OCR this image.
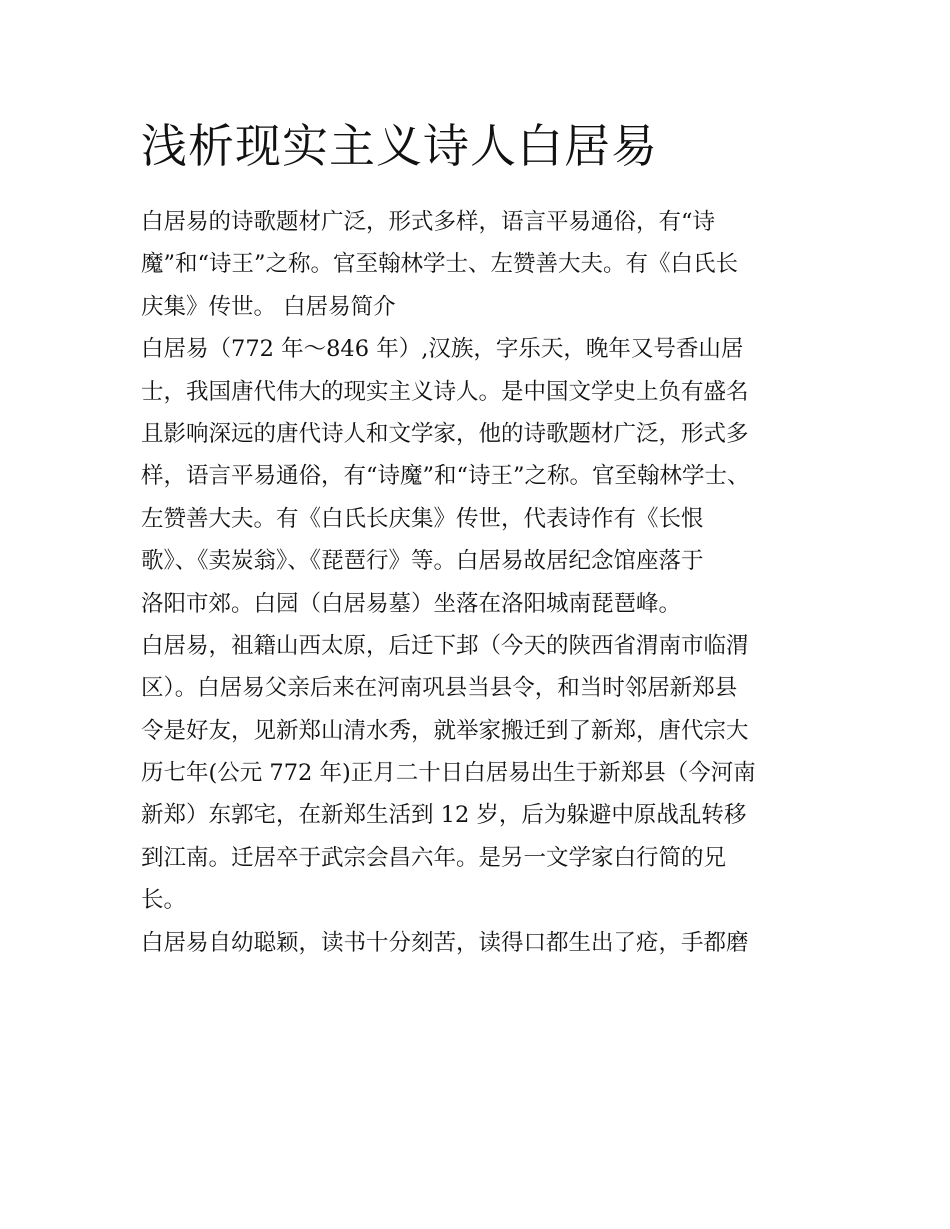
浅析现实主义诗人白居易
白居易的诗歌题材广泛，形式多样，语言平易通俗，有“诗
魔”和“诗王”之称。官至翰林学士、左赞善大夫。有《白氏长
庆集》传世。 白居易简介
白居易（772 年～846 年）,汉族，字乐天，晚年又号香山居
士，我国唐代伟大的现实主义诗人。是中国文学史上负有盛名
且影响深远的唐代诗人和文学家，他的诗歌题材广泛，形式多
样，语言平易通俗，有“诗魔”和“诗王”之称。官至翰林学士、
左赞善大夫。有《白氏长庆集》传世，代表诗作有《长恨
歌》、《卖炭翁》、《琵琶行》等。白居易故居纪念馆座落于
洛阳市郊。白园（白居易墓）坐落在洛阳城南琵琶峰。
白居易，祖籍山西太原，后迁下邽（今天的陕西省渭南市临渭
区）。白居易父亲后来在河南巩县当县令，和当时邻居新郑县
令是好友，见新郑山清水秀，就举家搬迁到了新郑，唐代宗大
历七年(公元 772 年)正月二十日白居易出生于新郑县（今河南
新郑）东郭宅，在新郑生活到 12 岁，后为躲避中原战乱转移
到江南。迁居卒于武宗会昌六年。是另一文学家白行简的兄
长。
白居易自幼聪颖，读书十分刻苦，读得口都生出了疮，手都磨
